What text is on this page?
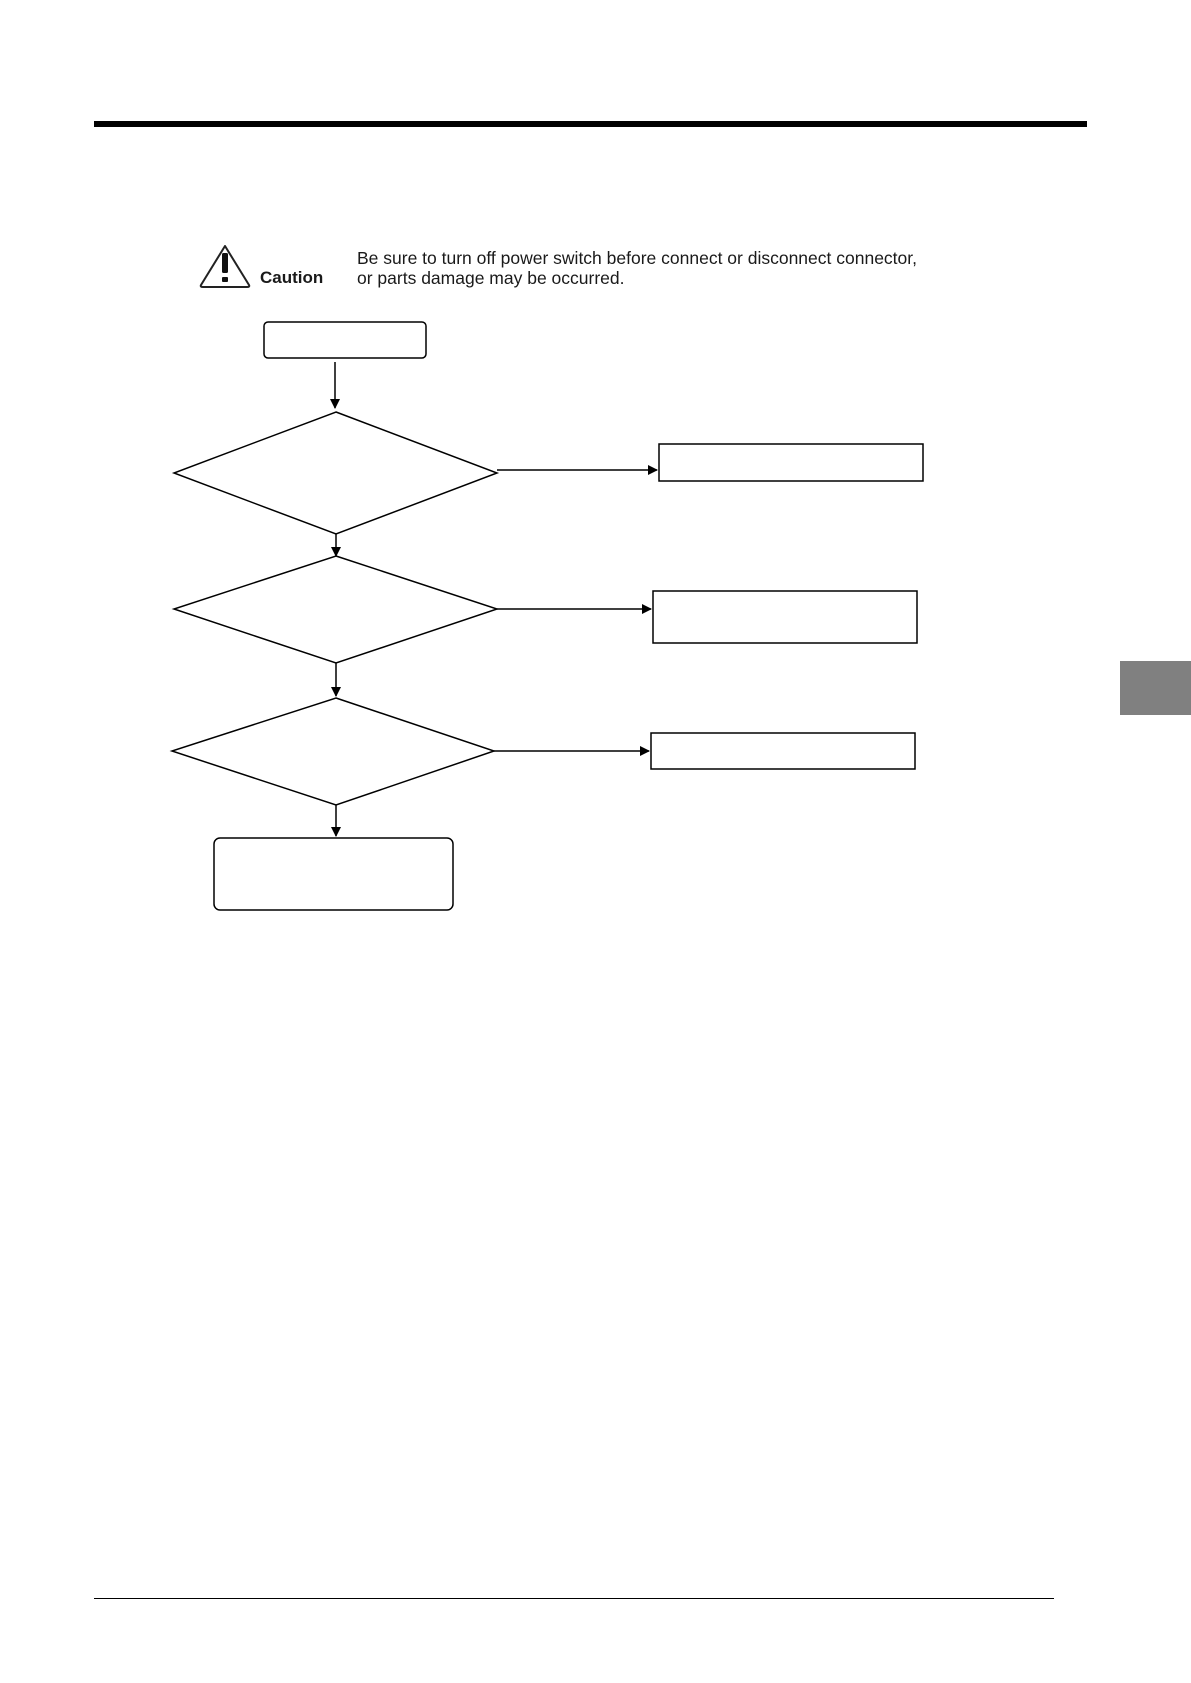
Caution
Be sure to turn off power switch before connect or disconnect connector,
or parts damage may be occurred.
